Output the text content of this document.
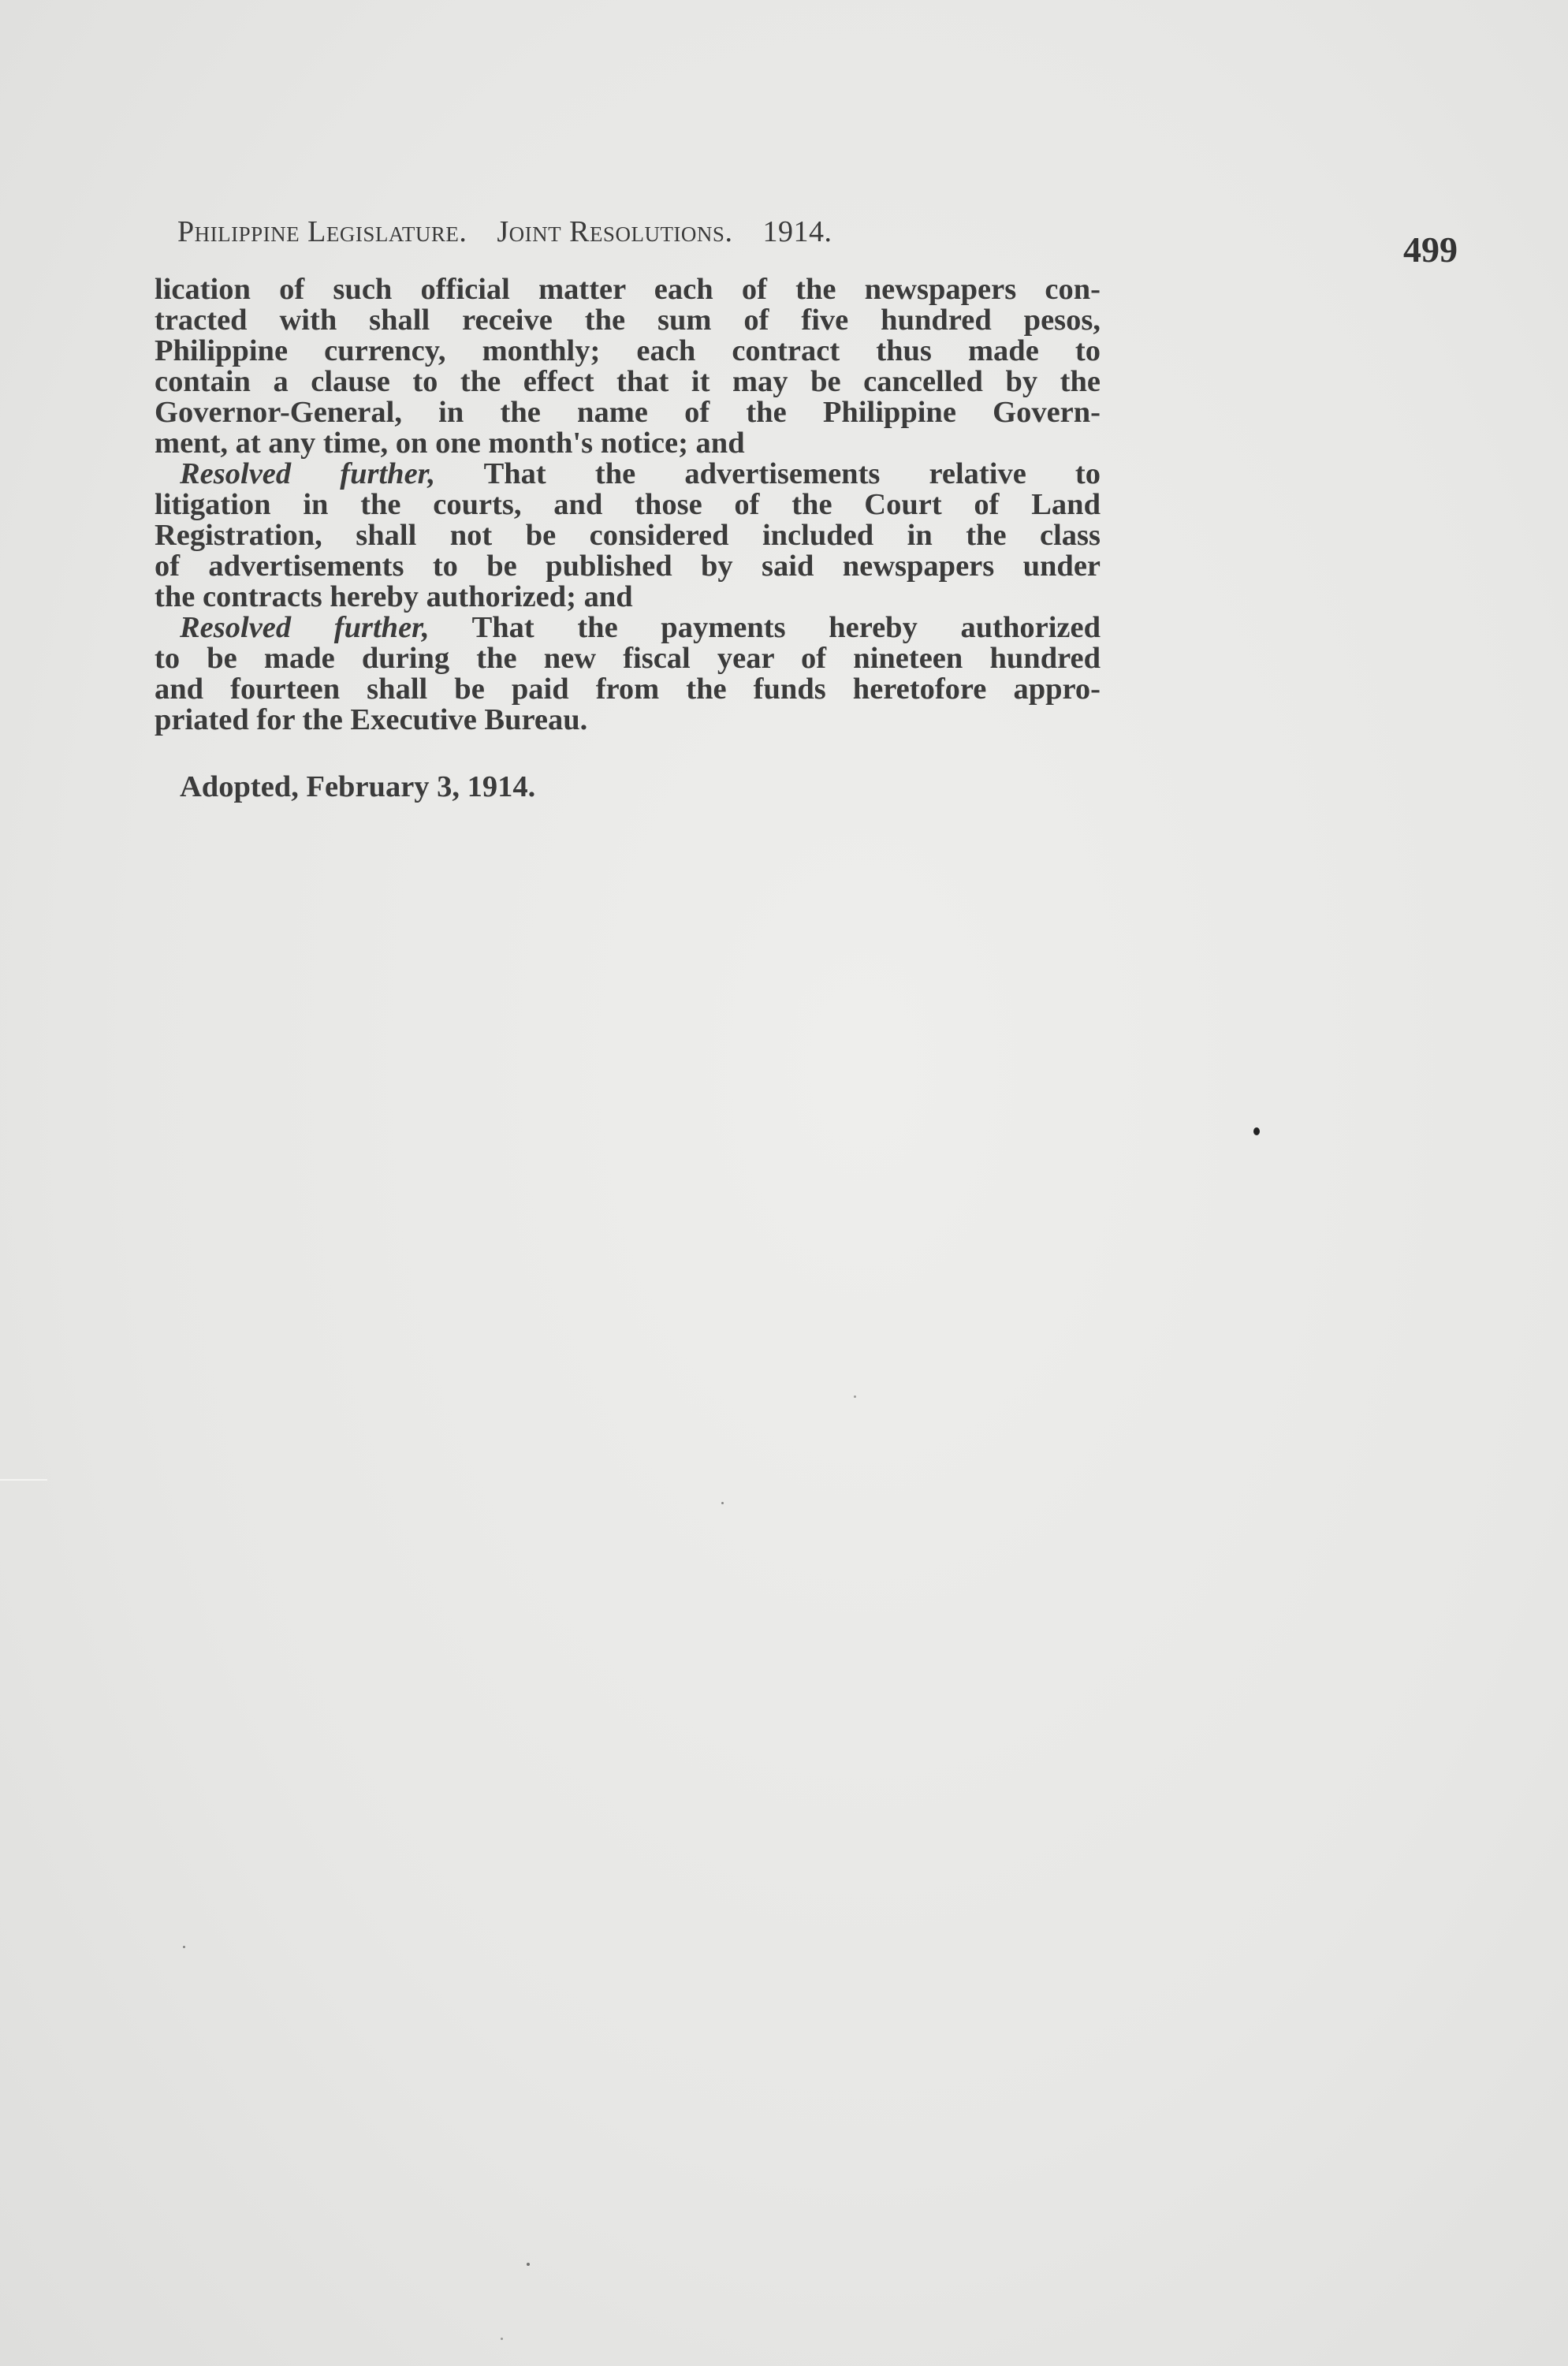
Philippine Legislature. Joint Resolutions. 1914.	499
lication of such official matter each of the newspapers con-
tracted with shall receive the sum of five hundred pesos,
Philippine currency, monthly; each contract thus made to
contain a clause to the effect that it may be cancelled by the
Governor-General, in the name of the Philippine Govern-
ment, at any time, on one month's notice; and
Resolved further, That the advertisements relative to
litigation in the courts, and those of the Court of Land
Registration, shall not be considered included in the class
of advertisements to be published by said newspapers under
the contracts hereby authorized; and
Resolved further, That the payments hereby authorized
to be made during the new fiscal year of nineteen hundred
and fourteen shall be paid from the funds heretofore appro-
priated for the Executive Bureau.
Adopted, February 3, 1914.
